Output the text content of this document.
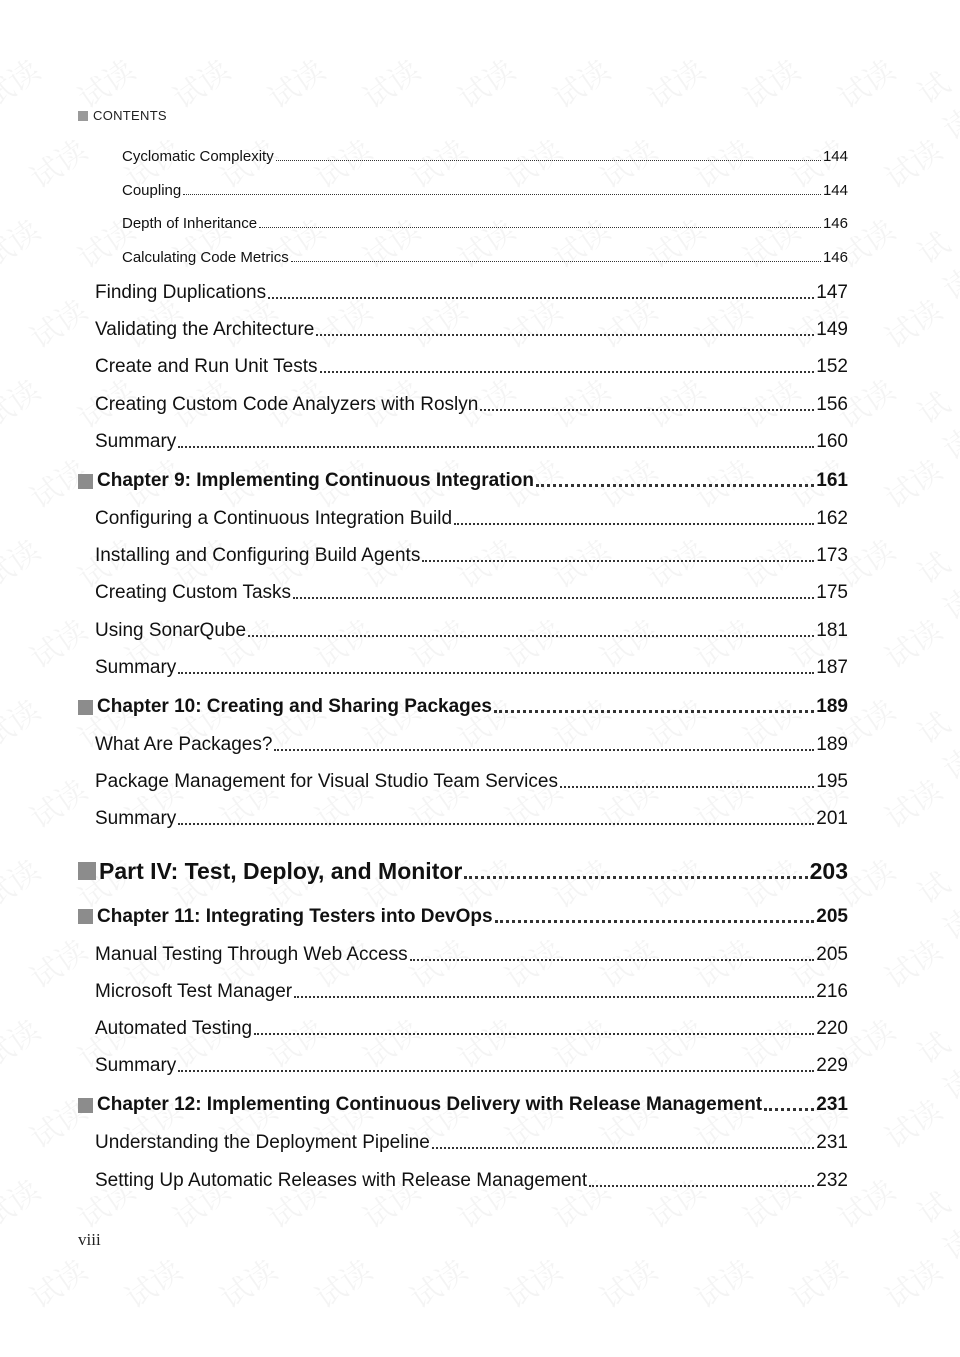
CONTENTS
Cyclomatic Complexity	144
Coupling	144
Depth of Inheritance	146
Calculating Code Metrics	146
Finding Duplications	147
Validating the Architecture	149
Create and Run Unit Tests	152
Creating Custom Code Analyzers with Roslyn	156
Summary	160
Chapter 9: Implementing Continuous Integration	161
Configuring a Continuous Integration Build	162
Installing and Configuring Build Agents	173
Creating Custom Tasks	175
Using SonarQube	181
Summary	187
Chapter 10: Creating and Sharing Packages	189
What Are Packages?	189
Package Management for Visual Studio Team Services	195
Summary	201
Part IV: Test, Deploy, and Monitor	203
Chapter 11: Integrating Testers into DevOps	205
Manual Testing Through Web Access	205
Microsoft Test Manager	216
Automated Testing	220
Summary	229
Chapter 12: Implementing Continuous Delivery with Release Management	231
Understanding the Deployment Pipeline	231
Setting Up Automatic Releases with Release Management	232
viii
